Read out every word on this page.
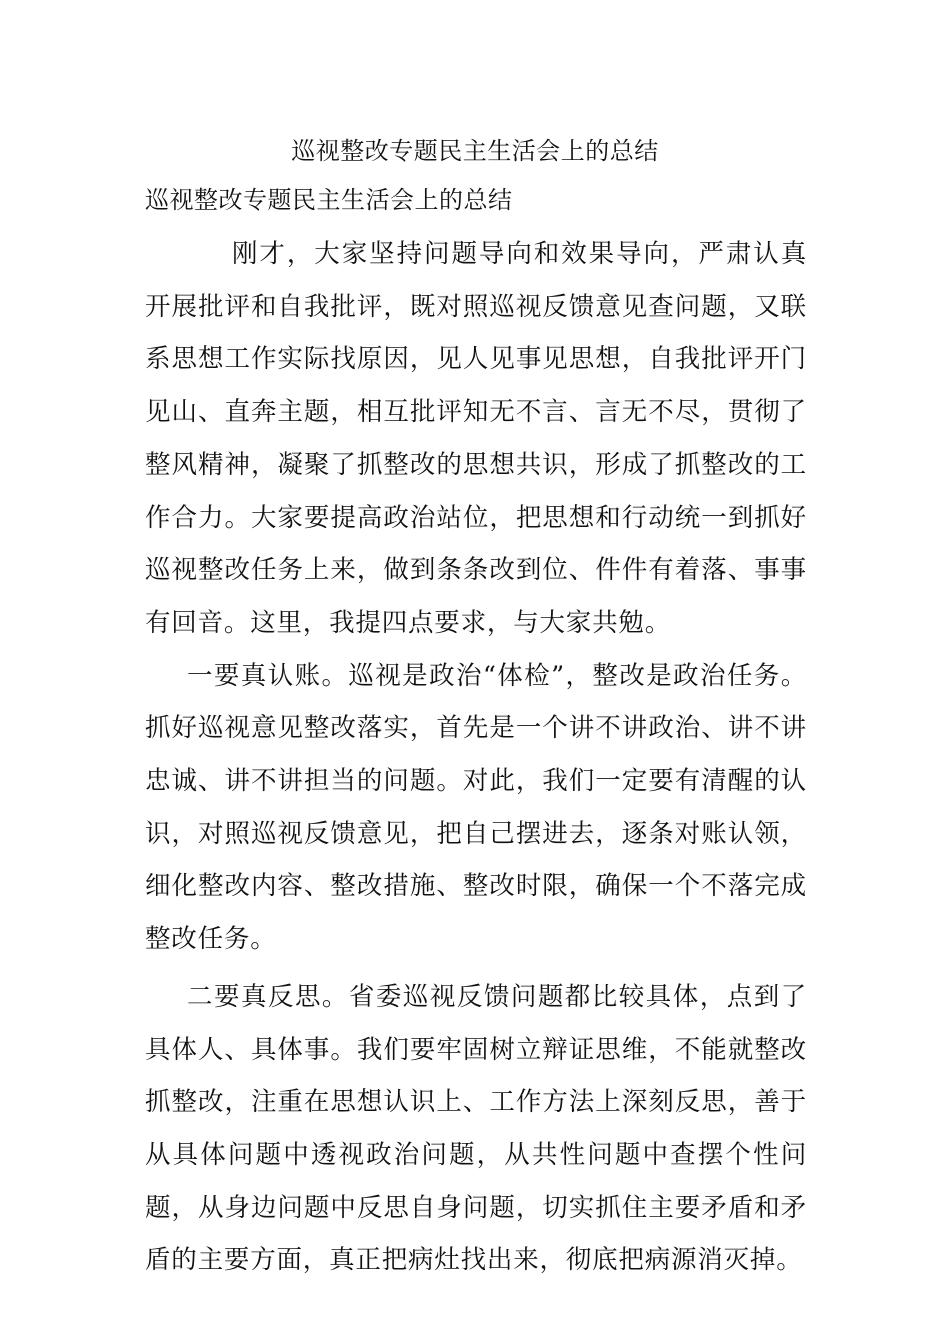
巡视整改专题民主生活会上的总结
巡视整改专题民主生活会上的总结

刚才，大家坚持问题导向和效果导向，严肃认真开展批评和自我批评，既对照巡视反馈意见查问题，又联系思想工作实际找原因，见人见事见思想，自我批评开门见山、直奔主题，相互批评知无不言、言无不尽，贯彻了整风精神，凝聚了抓整改的思想共识，形成了抓整改的工作合力。大家要提高政治站位，把思想和行动统一到抓好巡视整改任务上来，做到条条改到位、件件有着落、事事有回音。这里，我提四点要求，与大家共勉。

一要真认账。巡视是政治“体检”，整改是政治任务。抓好巡视意见整改落实，首先是一个讲不讲政治、讲不讲忠诚、讲不讲担当的问题。对此，我们一定要有清醒的认识，对照巡视反馈意见，把自己摆进去，逐条对账认领，细化整改内容、整改措施、整改时限，确保一个不落完成整改任务。

二要真反思。省委巡视反馈问题都比较具体，点到了具体人、具体事。我们要牢固树立辩证思维，不能就整改抓整改，注重在思想认识上、工作方法上深刻反思，善于从具体问题中透视政治问题，从共性问题中查摆个性问题，从身边问题中反思自身问题，切实抓住主要矛盾和矛盾的主要方面，真正把病灶找出来，彻底把病源消灭掉。
